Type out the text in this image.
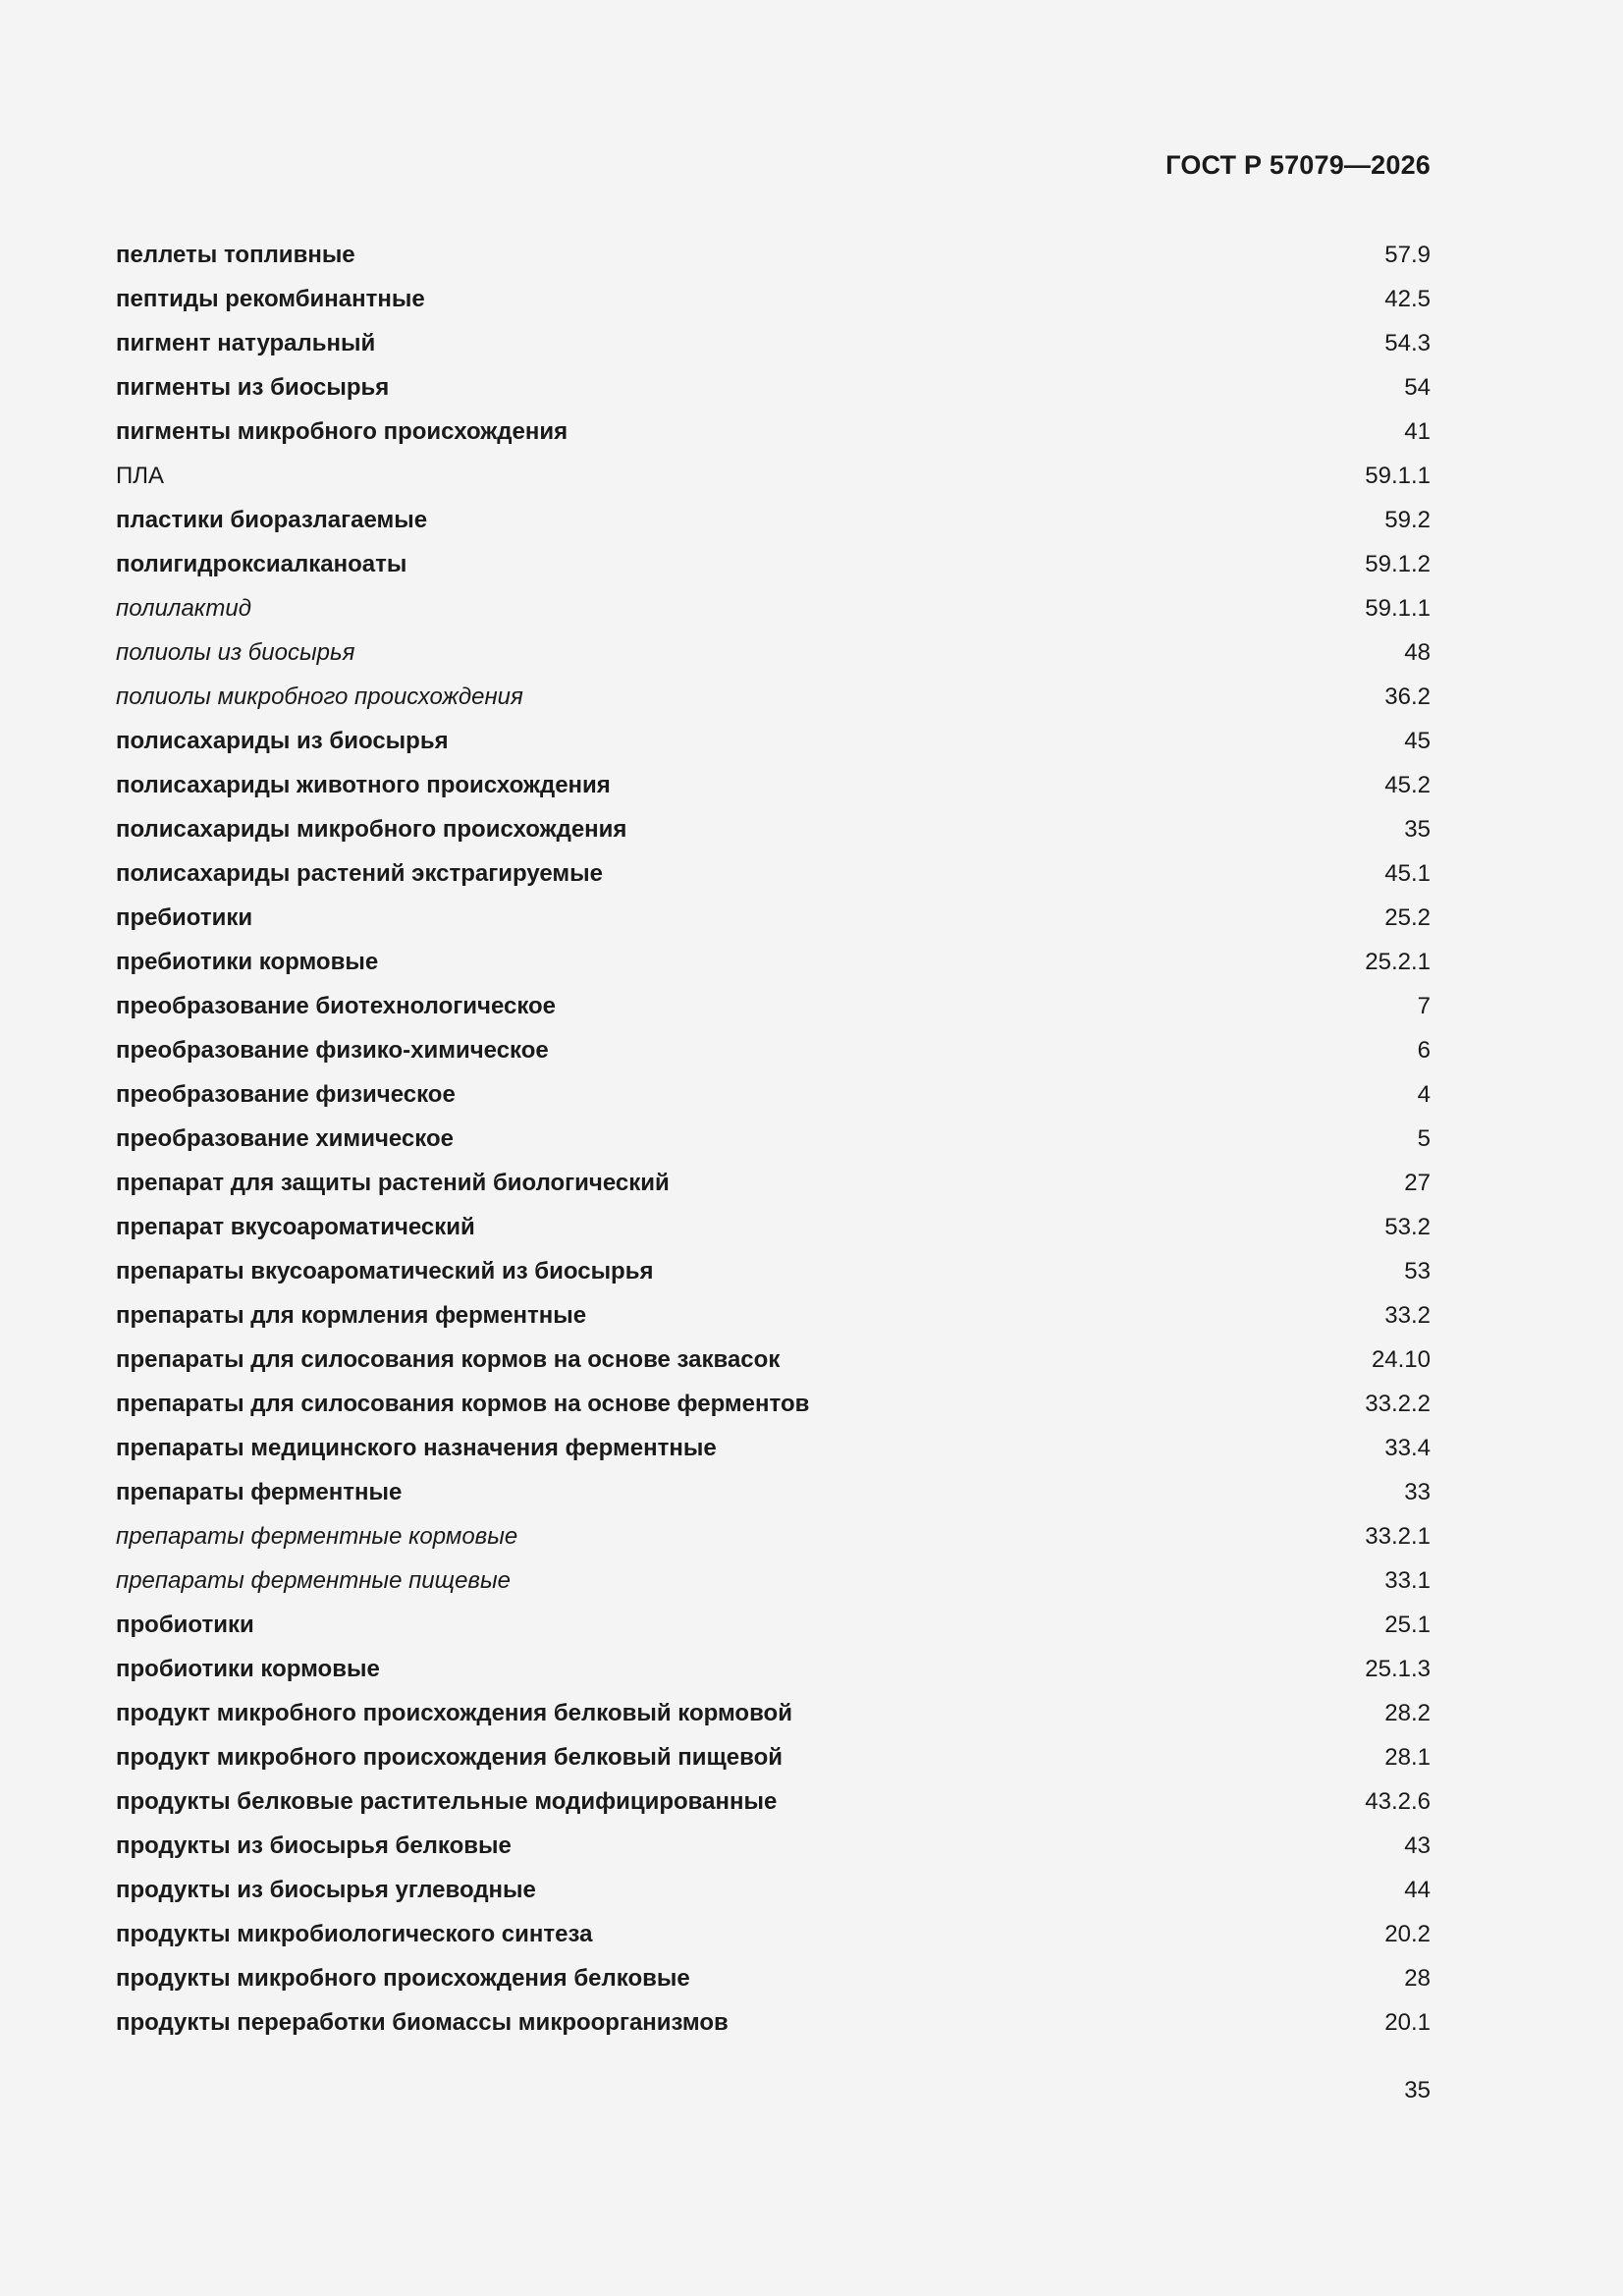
ГОСТ Р 57079—2026
пеллеты топливные	57.9
пептиды рекомбинантные	42.5
пигмент натуральный	54.3
пигменты из биосырья	54
пигменты микробного происхождения	41
ПЛА	59.1.1
пластики биоразлагаемые	59.2
полигидроксиалканоаты	59.1.2
полилактид	59.1.1
полиолы из биосырья	48
полиолы микробного происхождения	36.2
полисахариды из биосырья	45
полисахариды животного происхождения	45.2
полисахариды микробного происхождения	35
полисахариды растений экстрагируемые	45.1
пребиотики	25.2
пребиотики кормовые	25.2.1
преобразование биотехнологическое	7
преобразование физико-химическое	6
преобразование физическое	4
преобразование химическое	5
препарат для защиты растений биологический	27
препарат вкусоароматический	53.2
препараты вкусоароматический из биосырья	53
препараты для кормления ферментные	33.2
препараты для силосования кормов на основе заквасок	24.10
препараты для силосования кормов на основе ферментов	33.2.2
препараты медицинского назначения ферментные	33.4
препараты ферментные	33
препараты ферментные кормовые	33.2.1
препараты ферментные пищевые	33.1
пробиотики	25.1
пробиотики кормовые	25.1.3
продукт микробного происхождения белковый кормовой	28.2
продукт микробного происхождения белковый пищевой	28.1
продукты белковые растительные модифицированные	43.2.6
продукты из биосырья белковые	43
продукты из биосырья углеводные	44
продукты микробиологического синтеза	20.2
продукты микробного происхождения белковые	28
продукты переработки биомассы микроорганизмов	20.1
35
